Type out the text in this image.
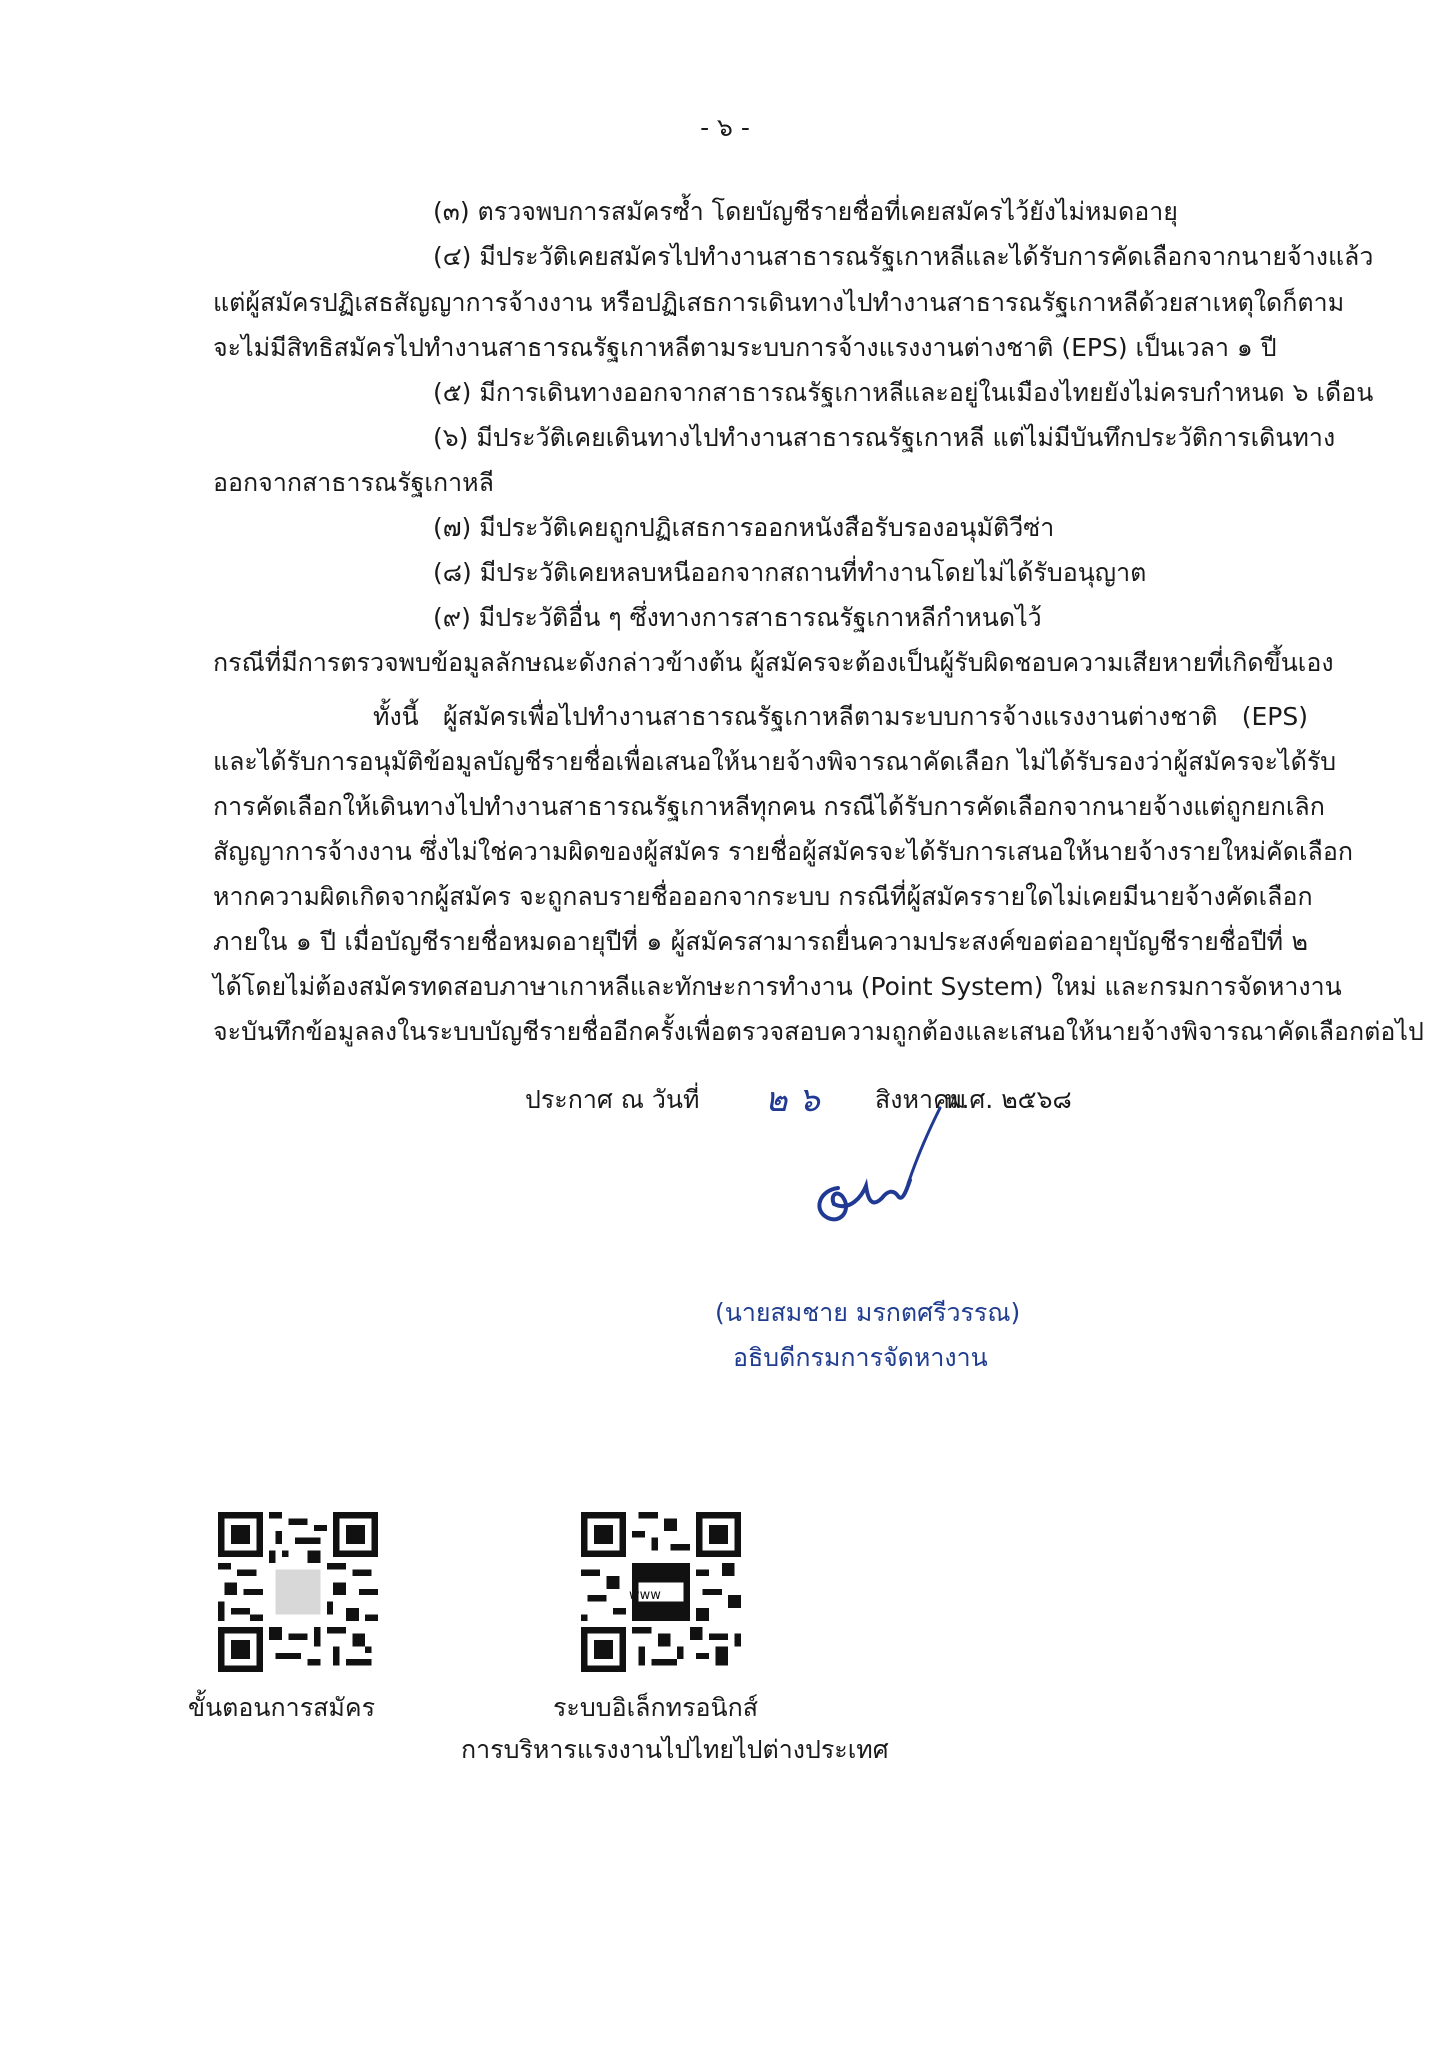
- ๖ -
(๓) ตรวจพบการสมัครซ้ำ โดยบัญชีรายชื่อที่เคยสมัครไว้ยังไม่หมดอายุ
(๔) มีประวัติเคยสมัครไปทำงานสาธารณรัฐเกาหลีและได้รับการคัดเลือกจากนายจ้างแล้ว
แต่ผู้สมัครปฏิเสธสัญญาการจ้างงาน หรือปฏิเสธการเดินทางไปทำงานสาธารณรัฐเกาหลีด้วยสาเหตุใดก็ตาม
จะไม่มีสิทธิสมัครไปทำงานสาธารณรัฐเกาหลีตามระบบการจ้างแรงงานต่างชาติ (EPS) เป็นเวลา ๑ ปี
(๕) มีการเดินทางออกจากสาธารณรัฐเกาหลีและอยู่ในเมืองไทยยังไม่ครบกำหนด ๖ เดือน
(๖) มีประวัติเคยเดินทางไปทำงานสาธารณรัฐเกาหลี แต่ไม่มีบันทึกประวัติการเดินทาง
ออกจากสาธารณรัฐเกาหลี
(๗) มีประวัติเคยถูกปฏิเสธการออกหนังสือรับรองอนุมัติวีซ่า
(๘) มีประวัติเคยหลบหนีออกจากสถานที่ทำงานโดยไม่ได้รับอนุญาต
(๙) มีประวัติอื่น ๆ ซึ่งทางการสาธารณรัฐเกาหลีกำหนดไว้
กรณีที่มีการตรวจพบข้อมูลลักษณะดังกล่าวข้างต้น ผู้สมัครจะต้องเป็นผู้รับผิดชอบความเสียหายที่เกิดขึ้นเอง
ทั้งนี้ ผู้สมัครเพื่อไปทำงานสาธารณรัฐเกาหลีตามระบบการจ้างแรงงานต่างชาติ (EPS)
และได้รับการอนุมัติข้อมูลบัญชีรายชื่อเพื่อเสนอให้นายจ้างพิจารณาคัดเลือก ไม่ได้รับรองว่าผู้สมัครจะได้รับ
การคัดเลือกให้เดินทางไปทำงานสาธารณรัฐเกาหลีทุกคน กรณีได้รับการคัดเลือกจากนายจ้างแต่ถูกยกเลิก
สัญญาการจ้างงาน ซึ่งไม่ใช่ความผิดของผู้สมัคร รายชื่อผู้สมัครจะได้รับการเสนอให้นายจ้างรายใหม่คัดเลือก
หากความผิดเกิดจากผู้สมัคร จะถูกลบรายชื่อออกจากระบบ กรณีที่ผู้สมัครรายใดไม่เคยมีนายจ้างคัดเลือก
ภายใน ๑ ปี เมื่อบัญชีรายชื่อหมดอายุปีที่ ๑ ผู้สมัครสามารถยื่นความประสงค์ขอต่ออายุบัญชีรายชื่อปีที่ ๒
ได้โดยไม่ต้องสมัครทดสอบภาษาเกาหลีและทักษะการทำงาน (Point System) ใหม่ และกรมการจัดหางาน
จะบันทึกข้อมูลลงในระบบบัญชีรายชื่ออีกครั้งเพื่อตรวจสอบความถูกต้องและเสนอให้นายจ้างพิจารณาคัดเลือกต่อไป
ประกาศ ณ วันที่ ๒ ๖ สิงหาคม
พ.ศ. ๒๕๖๘
(นายสมชาย มรกตศรีวรรณ)
อธิบดีกรมการจัดหางาน
ขั้นตอนการสมัคร
www
ระบบอิเล็กทรอนิกส์
การบริหารแรงงานไปไทยไปต่างประเทศ
